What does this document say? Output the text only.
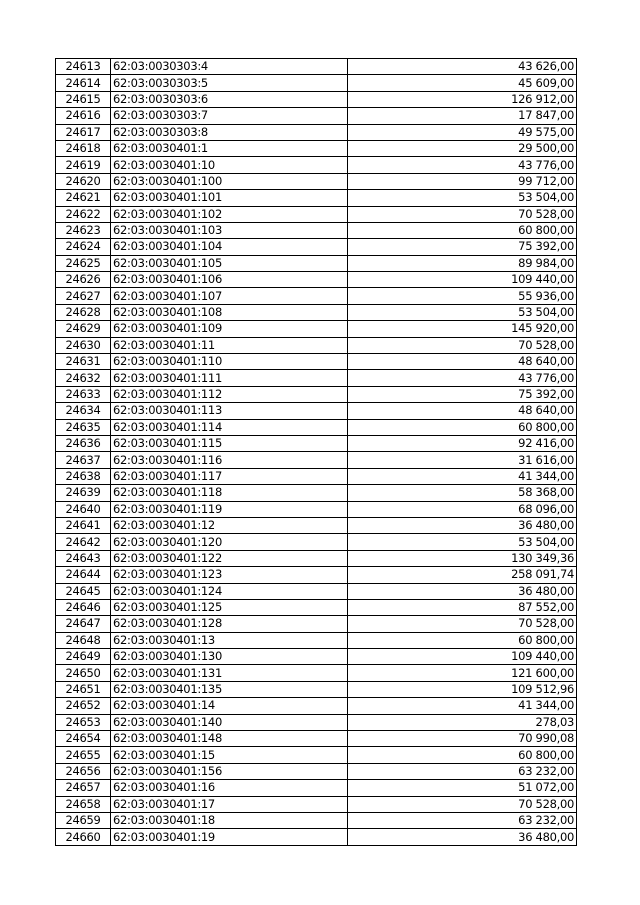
24613	62:03:0030303:4	43 626,00
24614	62:03:0030303:5	45 609,00
24615	62:03:0030303:6	126 912,00
24616	62:03:0030303:7	17 847,00
24617	62:03:0030303:8	49 575,00
24618	62:03:0030401:1	29 500,00
24619	62:03:0030401:10	43 776,00
24620	62:03:0030401:100	99 712,00
24621	62:03:0030401:101	53 504,00
24622	62:03:0030401:102	70 528,00
24623	62:03:0030401:103	60 800,00
24624	62:03:0030401:104	75 392,00
24625	62:03:0030401:105	89 984,00
24626	62:03:0030401:106	109 440,00
24627	62:03:0030401:107	55 936,00
24628	62:03:0030401:108	53 504,00
24629	62:03:0030401:109	145 920,00
24630	62:03:0030401:11	70 528,00
24631	62:03:0030401:110	48 640,00
24632	62:03:0030401:111	43 776,00
24633	62:03:0030401:112	75 392,00
24634	62:03:0030401:113	48 640,00
24635	62:03:0030401:114	60 800,00
24636	62:03:0030401:115	92 416,00
24637	62:03:0030401:116	31 616,00
24638	62:03:0030401:117	41 344,00
24639	62:03:0030401:118	58 368,00
24640	62:03:0030401:119	68 096,00
24641	62:03:0030401:12	36 480,00
24642	62:03:0030401:120	53 504,00
24643	62:03:0030401:122	130 349,36
24644	62:03:0030401:123	258 091,74
24645	62:03:0030401:124	36 480,00
24646	62:03:0030401:125	87 552,00
24647	62:03:0030401:128	70 528,00
24648	62:03:0030401:13	60 800,00
24649	62:03:0030401:130	109 440,00
24650	62:03:0030401:131	121 600,00
24651	62:03:0030401:135	109 512,96
24652	62:03:0030401:14	41 344,00
24653	62:03:0030401:140	278,03
24654	62:03:0030401:148	70 990,08
24655	62:03:0030401:15	60 800,00
24656	62:03:0030401:156	63 232,00
24657	62:03:0030401:16	51 072,00
24658	62:03:0030401:17	70 528,00
24659	62:03:0030401:18	63 232,00
24660	62:03:0030401:19	36 480,00
